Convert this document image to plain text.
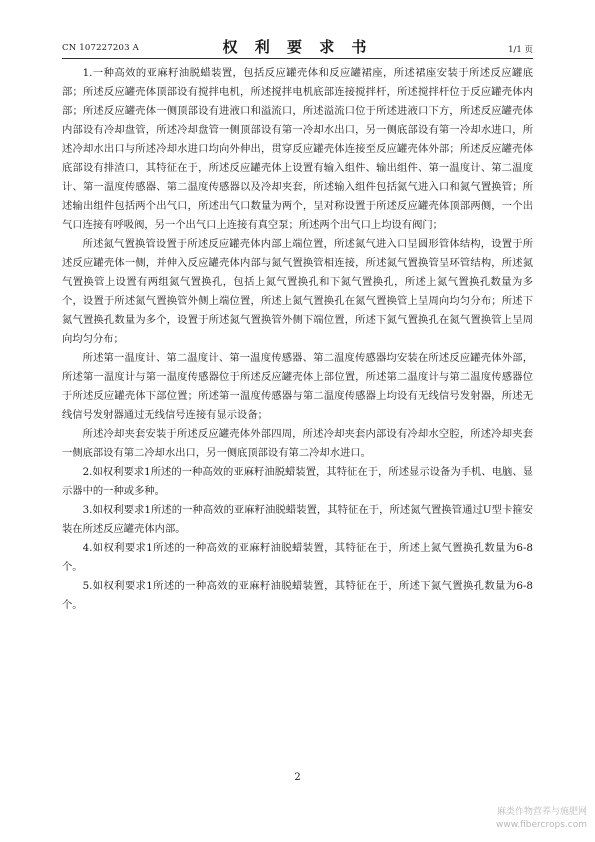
CN 107227203 A	权 利 要 求 书	1/1 页

1.一种高效的亚麻籽油脱蜡装置，包括反应罐壳体和反应罐裙座，所述裙座安装于所述反应罐底部；所述反应罐壳体顶部设有搅拌电机，所述搅拌电机底部连接搅拌杆，所述搅拌杆位于反应罐壳体内部；所述反应罐壳体一侧顶部设有进液口和溢流口，所述溢流口位于所述进液口下方，所述反应罐壳体内部设有冷却盘管，所述冷却盘管一侧顶部设有第一冷却水出口，另一侧底部设有第一冷却水进口，所述冷却水出口与所述冷却水进口均向外伸出，贯穿反应罐壳体连接至反应罐壳体外部；所述反应罐壳体底部设有排渣口，其特征在于，所述反应罐壳体上设置有输入组件、输出组件、第一温度计、第二温度计、第一温度传感器、第二温度传感器以及冷却夹套，所述输入组件包括氮气进入口和氮气置换管；所述输出组件包括两个出气口，所述出气口数量为两个，呈对称设置于所述反应罐壳体顶部两侧，一个出气口连接有呼吸阀，另一个出气口上连接有真空泵；所述两个出气口上均设有阀门；

所述氮气置换管设置于所述反应罐壳体内部上端位置，所述氮气进入口呈圆形管体结构，设置于所述反应罐壳体一侧，并伸入反应罐壳体内部与氮气置换管相连接，所述氮气置换管呈环管结构，所述氮气置换管上设置有两组氮气置换孔，包括上氮气置换孔和下氮气置换孔，所述上氮气置换孔数量为多个，设置于所述氮气置换管外侧上端位置，所述上氮气置换孔在氮气置换管上呈周向均匀分布；所述下氮气置换孔数量为多个，设置于所述氮气置换管外侧下端位置，所述下氮气置换孔在氮气置换管上呈周向均匀分布；

所述第一温度计、第二温度计、第一温度传感器、第二温度传感器均安装在所述反应罐壳体外部，所述第一温度计与第一温度传感器位于所述反应罐壳体上部位置，所述第二温度计与第二温度传感器位于所述反应罐壳体下部位置；所述第一温度传感器与第二温度传感器上均设有无线信号发射器，所述无线信号发射器通过无线信号连接有显示设备；

所述冷却夹套安装于所述反应罐壳体外部四周，所述冷却夹套内部设有冷却水空腔，所述冷却夹套一侧底部设有第二冷却水出口，另一侧底顶部设有第二冷却水进口。

2.如权利要求1所述的一种高效的亚麻籽油脱蜡装置，其特征在于，所述显示设备为手机、电脑、显示器中的一种或多种。

3.如权利要求1所述的一种高效的亚麻籽油脱蜡装置，其特征在于，所述氮气置换管通过U型卡箍安装在所述反应罐壳体内部。

4.如权利要求1所述的一种高效的亚麻籽油脱蜡装置，其特征在于，所述上氮气置换孔数量为6-8个。

5.如权利要求1所述的一种高效的亚麻籽油脱蜡装置，其特征在于，所述下氮气置换孔数量为6-8个。

2
麻类作物营养与施肥网
www.fibercrops.com
